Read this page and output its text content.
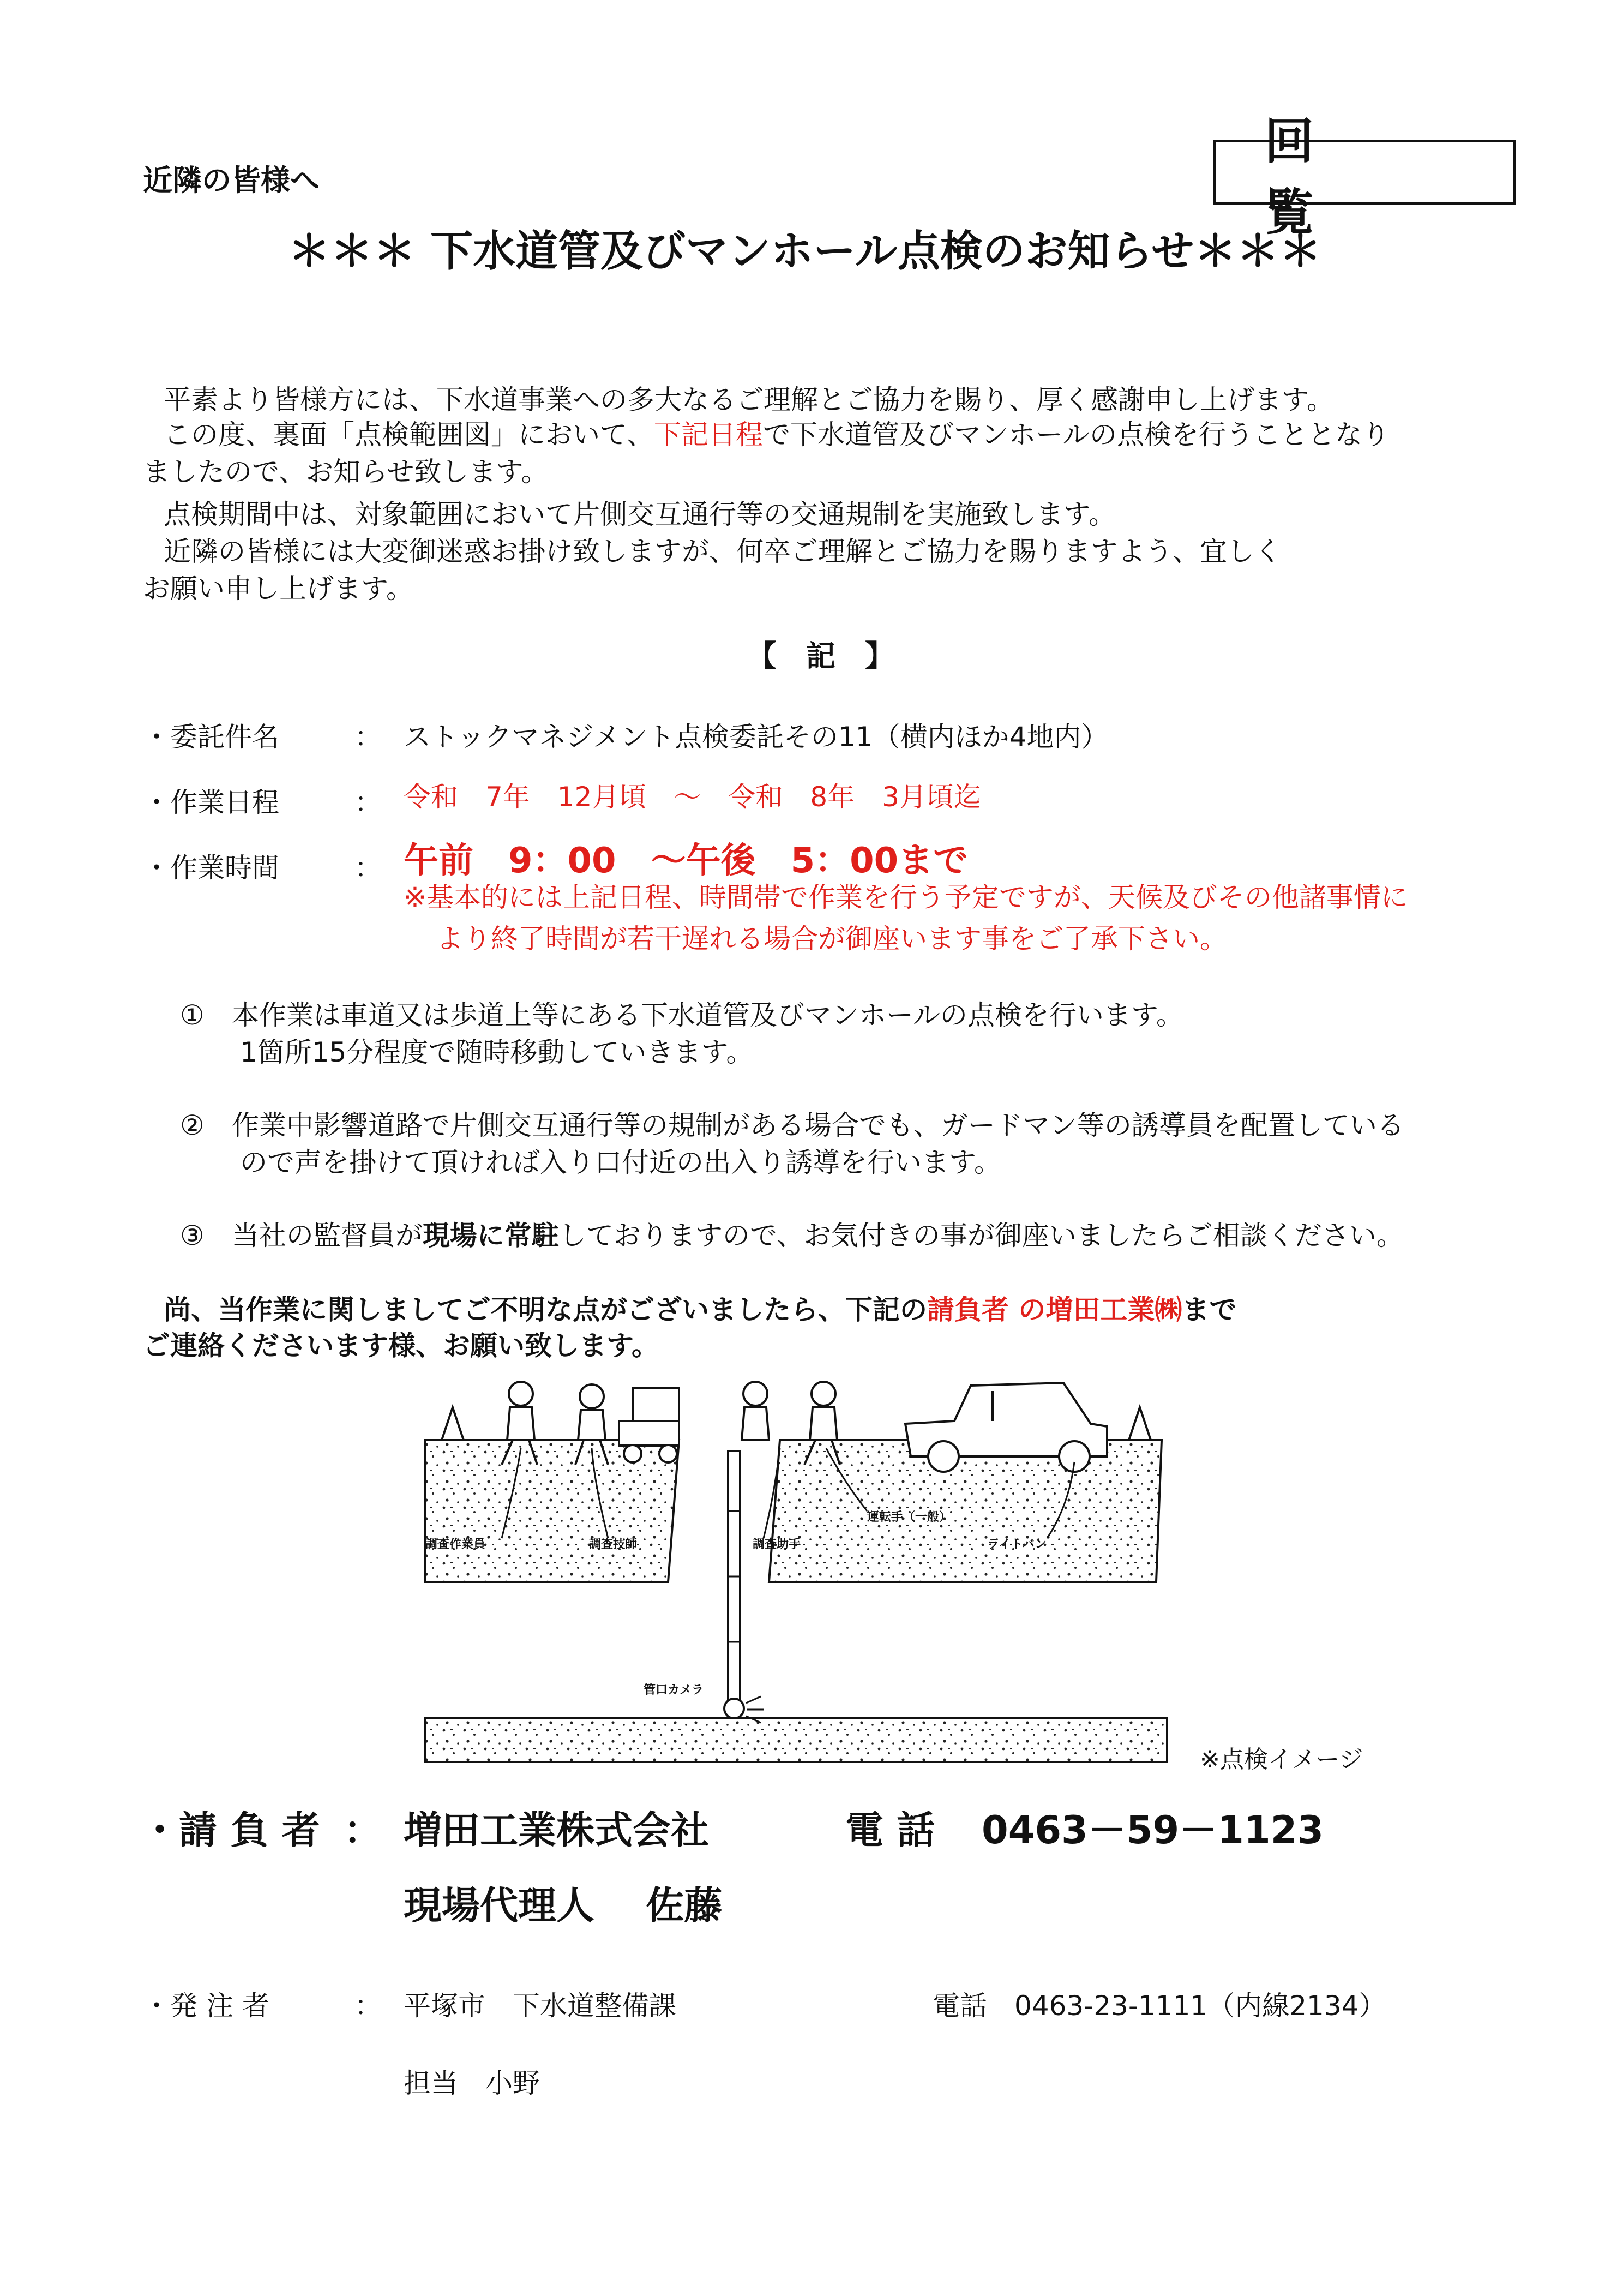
近隣の皆様へ
回 覧
＊＊＊ 下水道管及びマンホール点検のお知らせ＊＊＊
平素より皆様方には、下水道事業への多大なるご理解とご協力を賜り、厚く感謝申し上げます。
この度、裏面「点検範囲図」において、下記日程で下水道管及びマンホールの点検を行うこととなり
ましたので、お知らせ致します。
点検期間中は、対象範囲において片側交互通行等の交通規制を実施致します。
近隣の皆様には大変御迷惑お掛け致しますが、何卒ご理解とご協力を賜りますよう、宜しく
お願い申し上げます。
【　記　】
・委託件名	： ストックマネジメント点検委託その11（横内ほか4地内）
・作業日程	： 令和　7年　12月頃　～　令和　8年　3月頃迄
・作業時間	： 午前　9：00　～午後　5：00まで
※基本的には上記日程、時間帯で作業を行う予定ですが、天候及びその他諸事情に
より終了時間が若干遅れる場合が御座います事をご了承下さい。
①　本作業は車道又は歩道上等にある下水道管及びマンホールの点検を行います。
1箇所15分程度で随時移動していきます。
②　作業中影響道路で片側交互通行等の規制がある場合でも、ガードマン等の誘導員を配置している
ので声を掛けて頂ければ入り口付近の出入り誘導を行います。
③　当社の監督員が現場に常駐しておりますので、お気付きの事が御座いましたらご相談ください。
尚、当作業に関しましてご不明な点がございましたら、下記の請負者 の増田工業㈱まで
ご連絡くださいます様、お願い致します。
調査作業員	調査技師	調査助手
運転手（一般）
ライトバン
管口カメラ
※点検イメージ
・請 負 者 ： 増田工業株式会社	電 話 0463－59－1123
現場代理人　 佐藤
・発 注 者	： 平塚市　下水道整備課	電話　0463-23-1111（内線2134）
担当　小野
